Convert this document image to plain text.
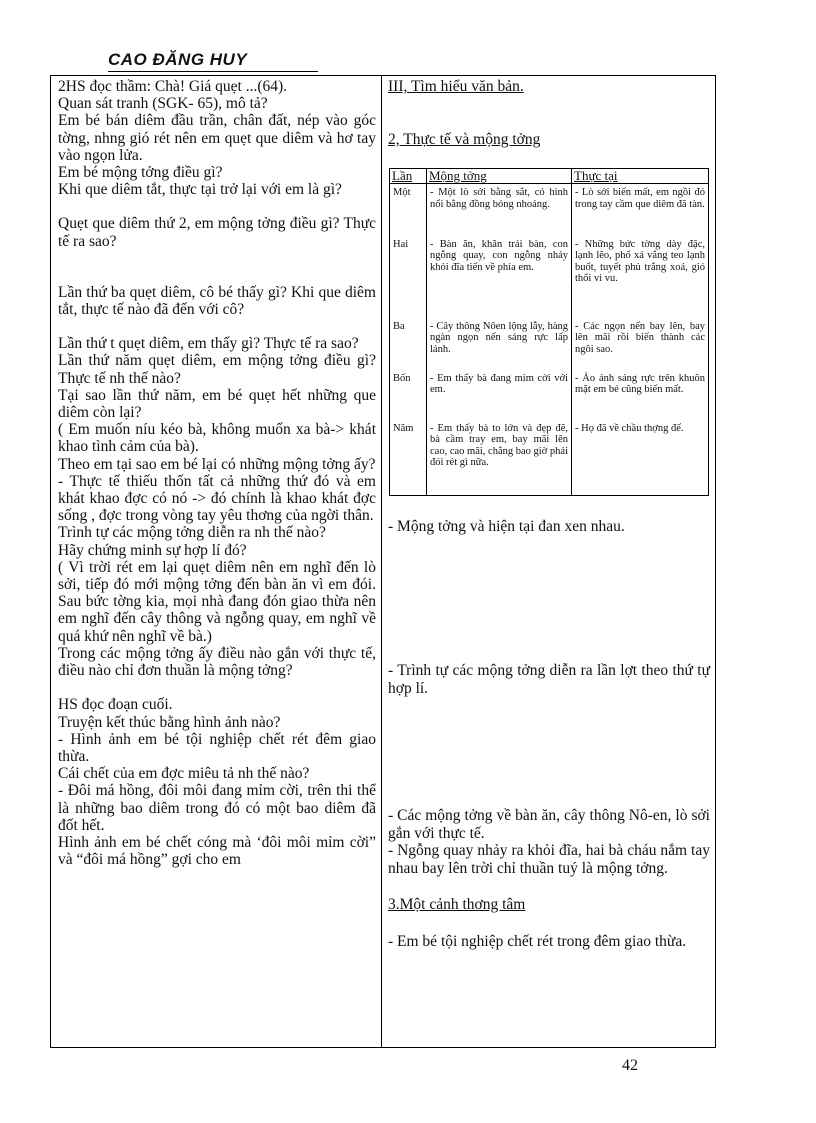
CAO ĐĂNG HUY

2HS đọc thầm: Chà! Giá quẹt ...(64).

Quan sát tranh (SGK- 65), mô tả?

Em bé bán diêm đầu trần, chân đất, nép vào góc tờng, nhng gió rét nên em quẹt que diêm và hơ tay vào ngọn lửa.

Em bé mộng tởng điều gì?

Khi que diêm tắt, thực tại trở lại với em là gì?

Quẹt que diêm thứ 2, em mộng tởng điều gì? Thực tế ra sao?

Lần thứ ba quẹt diêm, cô bé thấy gì? Khi que diêm tắt, thực tế nào đã đến với cô?

Lần thứ t quẹt diêm, em thấy gì? Thực tế ra sao?

Lần thứ năm quẹt diêm, em mộng tởng điều gì? Thực tế nh thế nào?

Tại sao lần thứ năm, em bé quẹt hết những que diêm còn lại?

( Em muốn níu kéo bà, không muốn xa bà-> khát khao tình cảm của bà).

Theo em tại sao em bé lại có những mộng tởng ấy?

- Thực tế thiếu thốn tất cả những thứ đó và em khát khao đợc có nó -> đó chính là khao khát đợc sống , đợc trong vòng tay yêu thơng của ngời thân.

Trình tự các mộng tởng diễn ra nh thế nào?

Hãy chứng minh sự hợp lí đó?

( Vì trời rét em lại quẹt diêm nên em nghĩ đến lò sởi, tiếp đó mới mộng tởng đến bàn ăn vì em đói. Sau bức tờng kia, mọi nhà đang đón giao thừa nên em nghĩ đến cây thông và ngỗng quay, em nghĩ về quá khứ nên nghĩ về bà.)

Trong các mộng tởng ấy điều nào gắn với thực tế, điều nào chỉ đơn thuần là mộng tởng?

HS đọc đoạn cuối.

Truyện kết thúc bằng hình ảnh nào?

- Hình ảnh em bé tội nghiệp chết rét đêm giao thừa.

Cái chết của em đợc miêu tả nh thế nào?

- Đôi má hồng, đôi môi đang mỉm cời, trên thi thể là những bao diêm trong đó có một bao diêm đã đốt hết.

Hình ảnh em bé chết cóng mà ‘đôi môi mỉm cời” và “đôi má hồng” gợi cho em

III, Tìm hiểu văn bản.
2, Thực tế và mộng tởng
- Mộng tởng và hiện tại đan xen nhau.
- Trình tự các mộng tởng diễn ra lần lợt theo thứ tự hợp lí.
- Các mộng tởng về bàn ăn, cây thông Nô-en, lò sởi gắn với thực tế.
- Ngỗng quay nhảy ra khỏi đĩa, hai bà cháu nắm tay nhau bay lên trời chỉ thuần tuý là mộng tởng.
3.Một cảnh thơng tâm
- Em bé tội nghiệp chết rét trong đêm giao thừa.
Lần	Mộng tởng	Thực tại
Một	- Một lò sởi bằng sắt, có hình nổi bằng đồng bóng nhoáng.	- Lò sởi biến mất, em ngồi đó trong tay cầm que diêm đã tàn.
Hai	- Bàn ăn, khăn trải bàn, con ngỗng quay, con ngỗng nhảy khỏi đĩa tiến về phía em.	- Những bức tờng dày đặc, lạnh lẽo, phố xá vắng teo lạnh buốt, tuyết phủ trắng xoá, gió thổi vi vu.
Ba	- Cây thông Nôen lộng lẫy, hàng ngàn ngọn nến sáng rực lấp lánh.	- Các ngọn nến bay lên, bay lên mãi rồi biến thành các ngôi sao.
Bốn	- Em thấy bà đang mỉm cời với em.	- Ảo ảnh sáng rực trên khuôn mặt em bé cũng biến mất.
Năm	- Em thấy bà to lớn và đẹp đẽ, bà cầm tray em, bay mãi lên cao, cao mãi, chẳng bao giờ phải đói rét gì nữa.	- Họ đã về chầu thợng đế.
42
